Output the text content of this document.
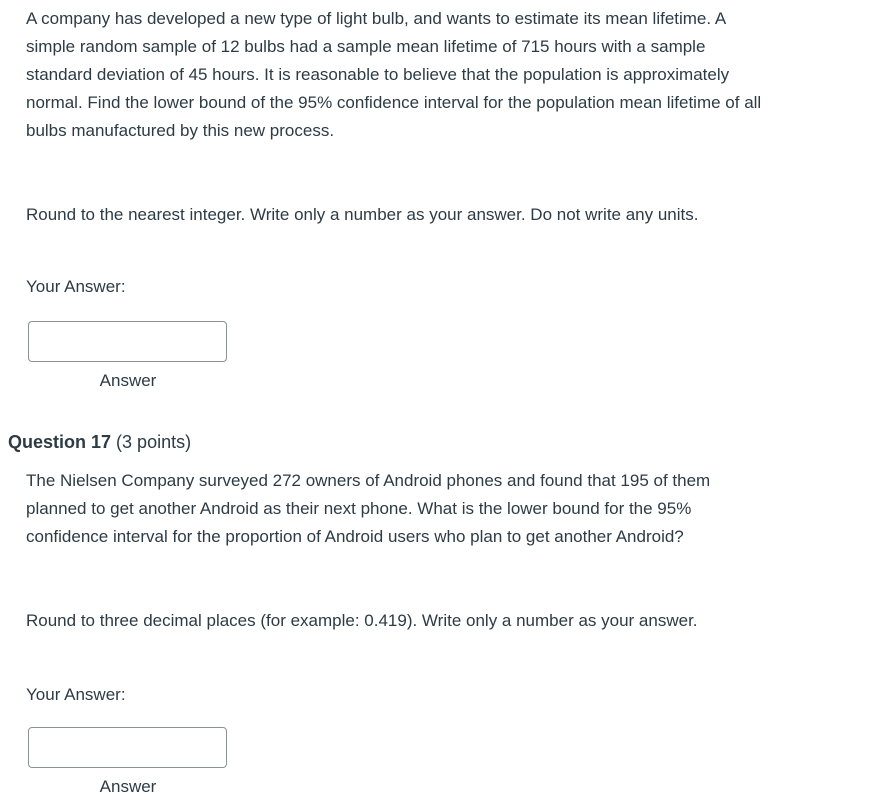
A company has developed a new type of light bulb, and wants to estimate its mean lifetime. A simple random sample of 12 bulbs had a sample mean lifetime of 715 hours with a sample standard deviation of 45 hours. It is reasonable to believe that the population is approximately normal. Find the lower bound of the 95% confidence interval for the population mean lifetime of all bulbs manufactured by this new process.

Round to the nearest integer. Write only a number as your answer. Do not write any units.

Your Answer:

Answer
Question 17 (3 points)

The Nielsen Company surveyed 272 owners of Android phones and found that 195 of them planned to get another Android as their next phone. What is the lower bound for the 95% confidence interval for the proportion of Android users who plan to get another Android?

Round to three decimal places (for example: 0.419). Write only a number as your answer.

Your Answer:

Answer
